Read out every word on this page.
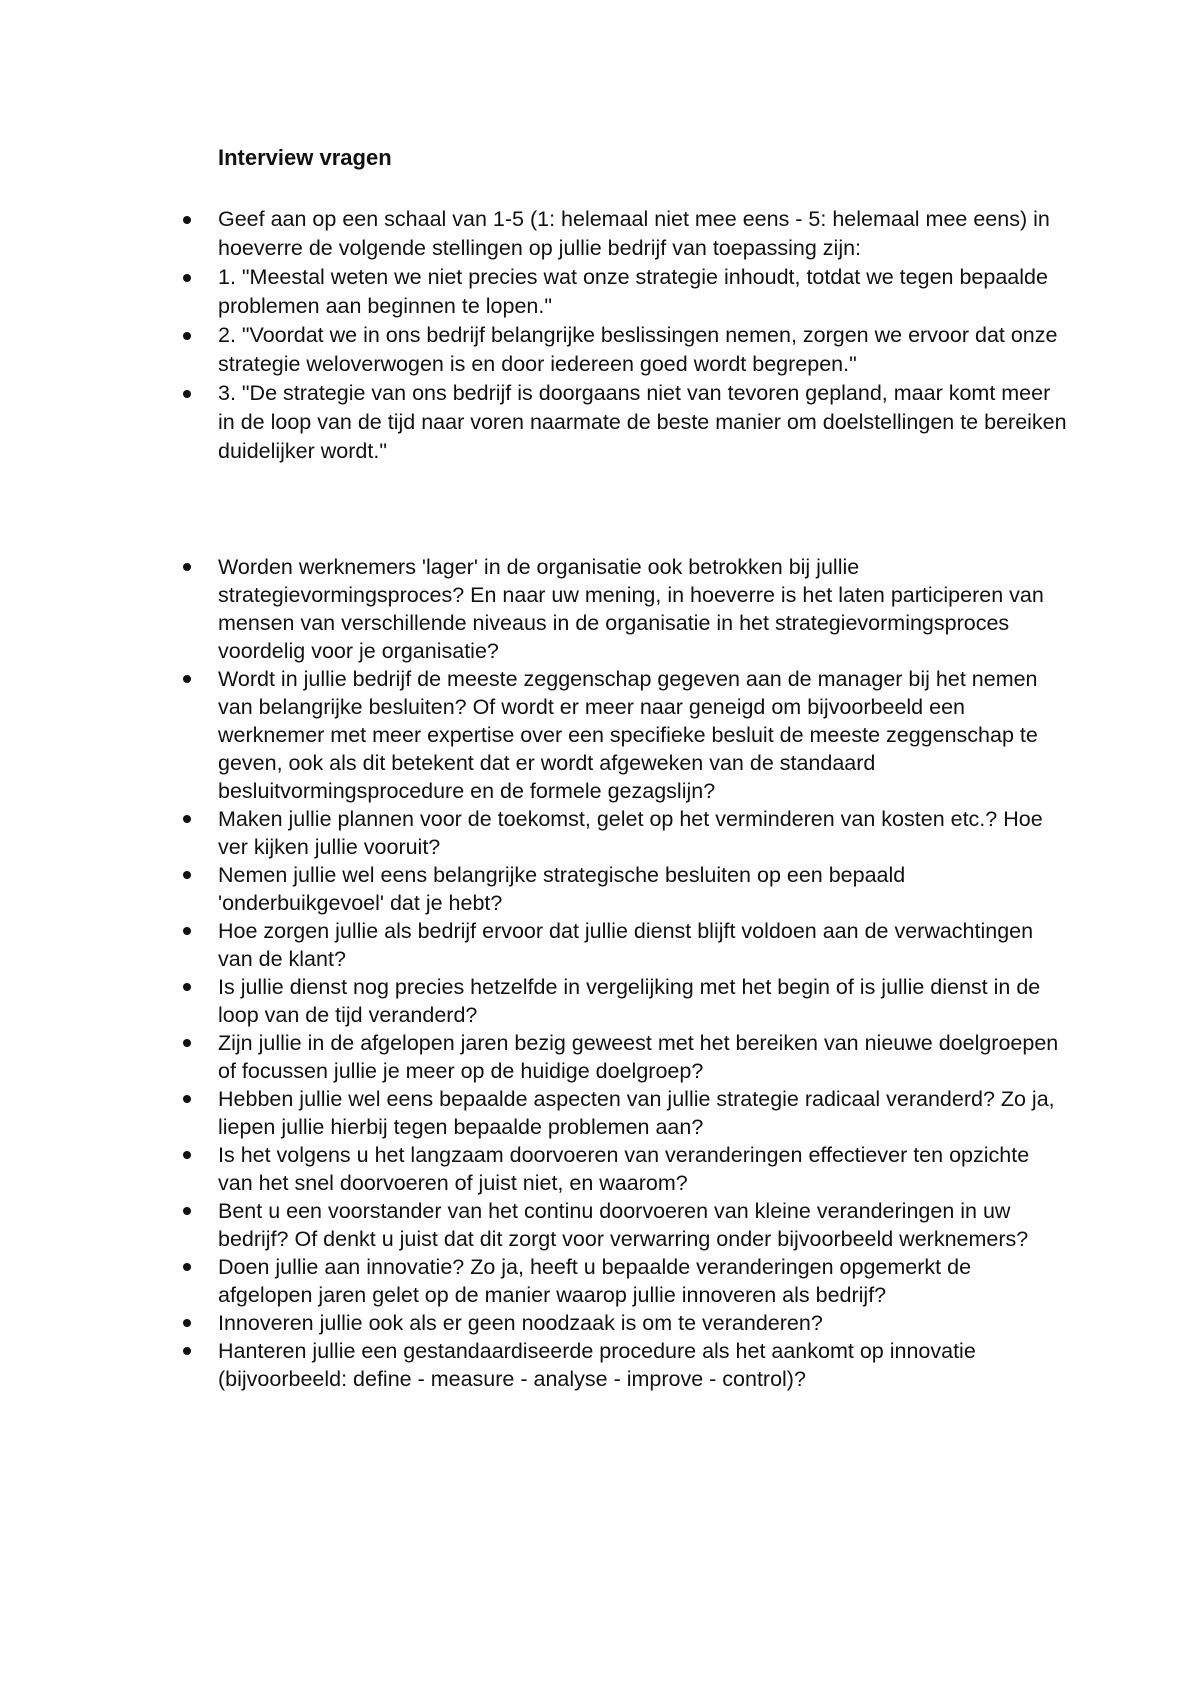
Interview vragen
Geef aan op een schaal van 1-5 (1: helemaal niet mee eens - 5: helemaal mee eens) in hoeverre de volgende stellingen op jullie bedrijf van toepassing zijn:
1. "Meestal weten we niet precies wat onze strategie inhoudt, totdat we tegen bepaalde problemen aan beginnen te lopen."
2. "Voordat we in ons bedrijf belangrijke beslissingen nemen, zorgen we ervoor dat onze strategie weloverwogen is en door iedereen goed wordt begrepen."
3. "De strategie van ons bedrijf is doorgaans niet van tevoren gepland, maar komt meer in de loop van de tijd naar voren naarmate de beste manier om doelstellingen te bereiken duidelijker wordt."
Worden werknemers 'lager' in de organisatie ook betrokken bij jullie strategievormingsproces? En naar uw mening, in hoeverre is het laten participeren van mensen van verschillende niveaus in de organisatie in het strategievormingsproces voordelig voor je organisatie?
Wordt in jullie bedrijf de meeste zeggenschap gegeven aan de manager bij het nemen van belangrijke besluiten? Of wordt er meer naar geneigd om bijvoorbeeld een werknemer met meer expertise over een specifieke besluit de meeste zeggenschap te geven, ook als dit betekent dat er wordt afgeweken van de standaard besluitvormingsprocedure en de formele gezagslijn?
Maken jullie plannen voor de toekomst, gelet op het verminderen van kosten etc.? Hoe ver kijken jullie vooruit?
Nemen jullie wel eens belangrijke strategische besluiten op een bepaald 'onderbuikgevoel' dat je hebt?
Hoe zorgen jullie als bedrijf ervoor dat jullie dienst blijft voldoen aan de verwachtingen van de klant?
Is jullie dienst nog precies hetzelfde in vergelijking met het begin of is jullie dienst in de loop van de tijd veranderd?
Zijn jullie in de afgelopen jaren bezig geweest met het bereiken van nieuwe doelgroepen of focussen jullie je meer op de huidige doelgroep?
Hebben jullie wel eens bepaalde aspecten van jullie strategie radicaal veranderd? Zo ja, liepen jullie hierbij tegen bepaalde problemen aan?
Is het volgens u het langzaam doorvoeren van veranderingen effectiever ten opzichte van het snel doorvoeren of juist niet, en waarom?
Bent u een voorstander van het continu doorvoeren van kleine veranderingen in uw bedrijf? Of denkt u juist dat dit zorgt voor verwarring onder bijvoorbeeld werknemers?
Doen jullie aan innovatie? Zo ja, heeft u bepaalde veranderingen opgemerkt de afgelopen jaren gelet op de manier waarop jullie innoveren als bedrijf?
Innoveren jullie ook als er geen noodzaak is om te veranderen?
Hanteren jullie een gestandaardiseerde procedure als het aankomt op innovatie (bijvoorbeeld: define - measure - analyse - improve - control)?
